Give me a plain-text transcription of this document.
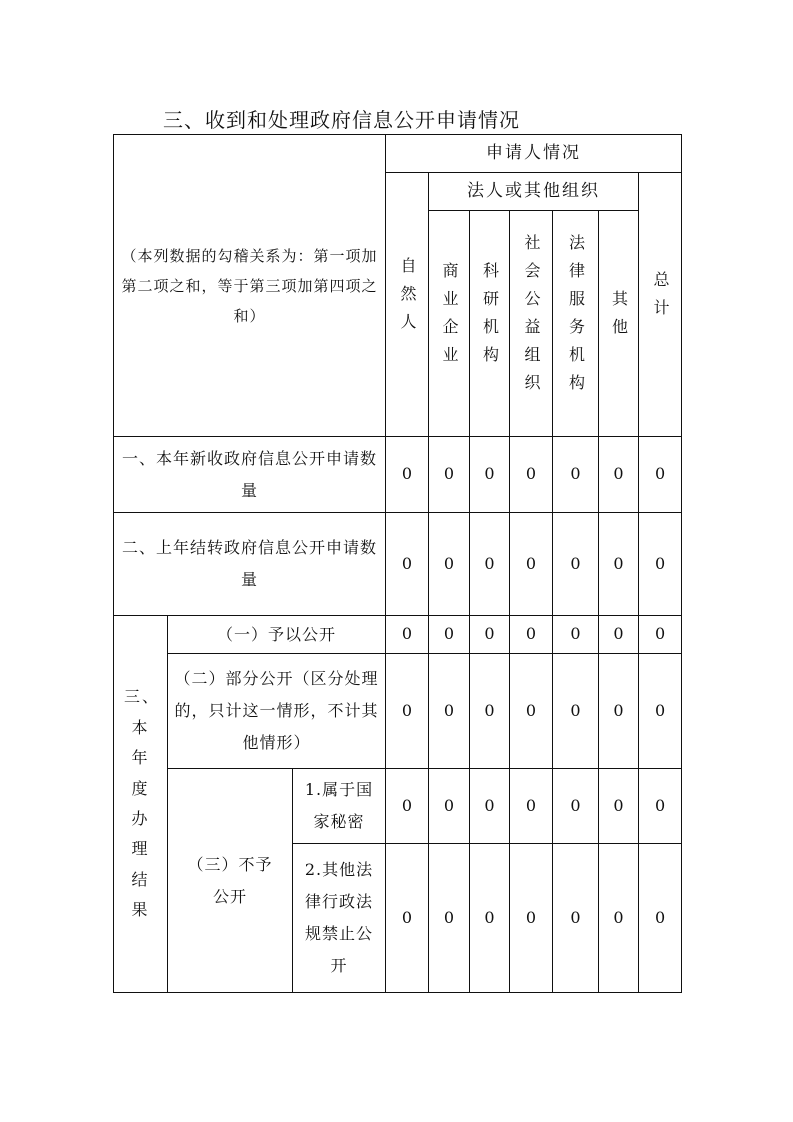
三、收到和处理政府信息公开申请情况
（本列数据的勾稽关系为：第一项加第二项之和，等于第三项加第四项之和）			申请人情况						
			自然人	法人或其他组织					总计
				商业企业	科研机构	社会公益组织	法律服务机构	其他	
一、本年新收政府信息公开申请数量			0	0	0	0	0	0	0
二、上年结转政府信息公开申请数量			0	0	0	0	0	0	0
三、本年度办理结果	（一）予以公开		0	0	0	0	0	0	0
	（二）部分公开（区分处理的，只计这一情形，不计其他情形）		0	0	0	0	0	0	0
	（三）不予公开	1.属于国家秘密	0	0	0	0	0	0	0
		2.其他法律行政法规禁止公开	0	0	0	0	0	0	0
